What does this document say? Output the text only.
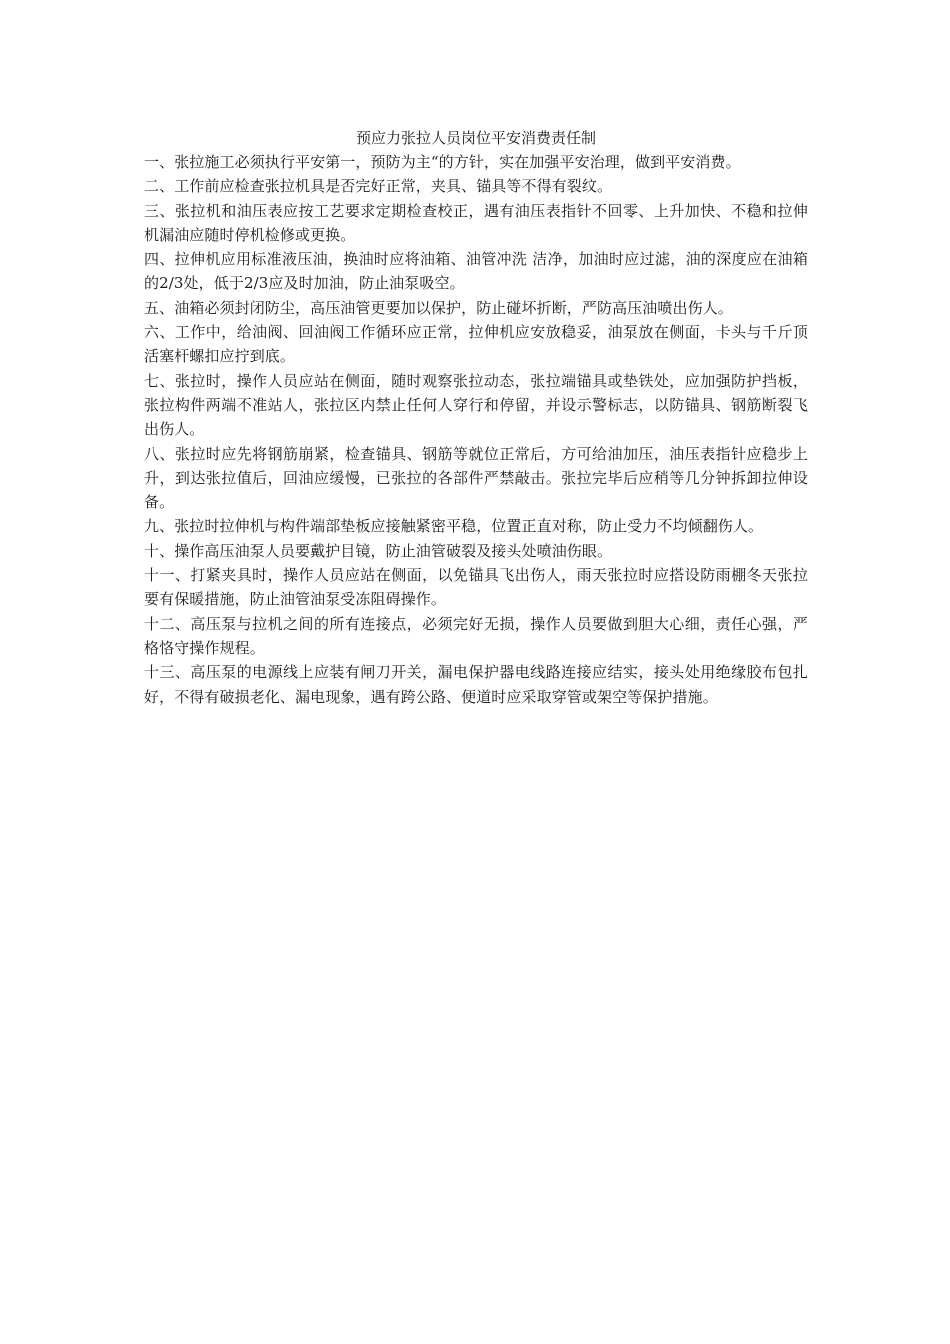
预应力张拉人员岗位平安消费责任制

一、张拉施工必须执行平安第一，预防为主“的方针，实在加强平安治理，做到平安消费。

二、工作前应检查张拉机具是否完好正常，夹具、锚具等不得有裂纹。

三、张拉机和油压表应按工艺要求定期检查校正，遇有油压表指针不回零、上升加快、不稳和拉伸机漏油应随时停机检修或更换。

四、拉伸机应用标准液压油，换油时应将油箱、油管冲洗 洁净，加油时应过滤，油的深度应在油箱的2/3处，低于2/3应及时加油，防止油泵吸空。

五、油箱必须封闭防尘，高压油管更要加以保护，防止碰坏折断，严防高压油喷出伤人。

六、工作中，给油阀、回油阀工作循环应正常，拉伸机应安放稳妥，油泵放在侧面，卡头与千斤顶活塞杆螺扣应拧到底。

七、张拉时，操作人员应站在侧面，随时观察张拉动态，张拉端锚具或垫铁处，应加强防护挡板，张拉构件两端不准站人，张拉区内禁止任何人穿行和停留，并设示警标志，以防锚具、钢筋断裂飞出伤人。

八、张拉时应先将钢筋崩紧，检查锚具、钢筋等就位正常后，方可给油加压，油压表指针应稳步上升，到达张拉值后，回油应缓慢，已张拉的各部件严禁敲击。张拉完毕后应稍等几分钟拆卸拉伸设备。

九、张拉时拉伸机与构件端部垫板应接触紧密平稳，位置正直对称，防止受力不均倾翻伤人。

十、操作高压油泵人员要戴护目镜，防止油管破裂及接头处喷油伤眼。

十一、打紧夹具时，操作人员应站在侧面，以免锚具飞出伤人，雨天张拉时应搭设防雨棚冬天张拉要有保暖措施，防止油管油泵受冻阻碍操作。

十二、高压泵与拉机之间的所有连接点，必须完好无损，操作人员要做到胆大心细，责任心强，严格恪守操作规程。

十三、高压泵的电源线上应装有闸刀开关，漏电保护器电线路连接应结实，接头处用绝缘胶布包扎好，不得有破损老化、漏电现象，遇有跨公路、便道时应采取穿管或架空等保护措施。
